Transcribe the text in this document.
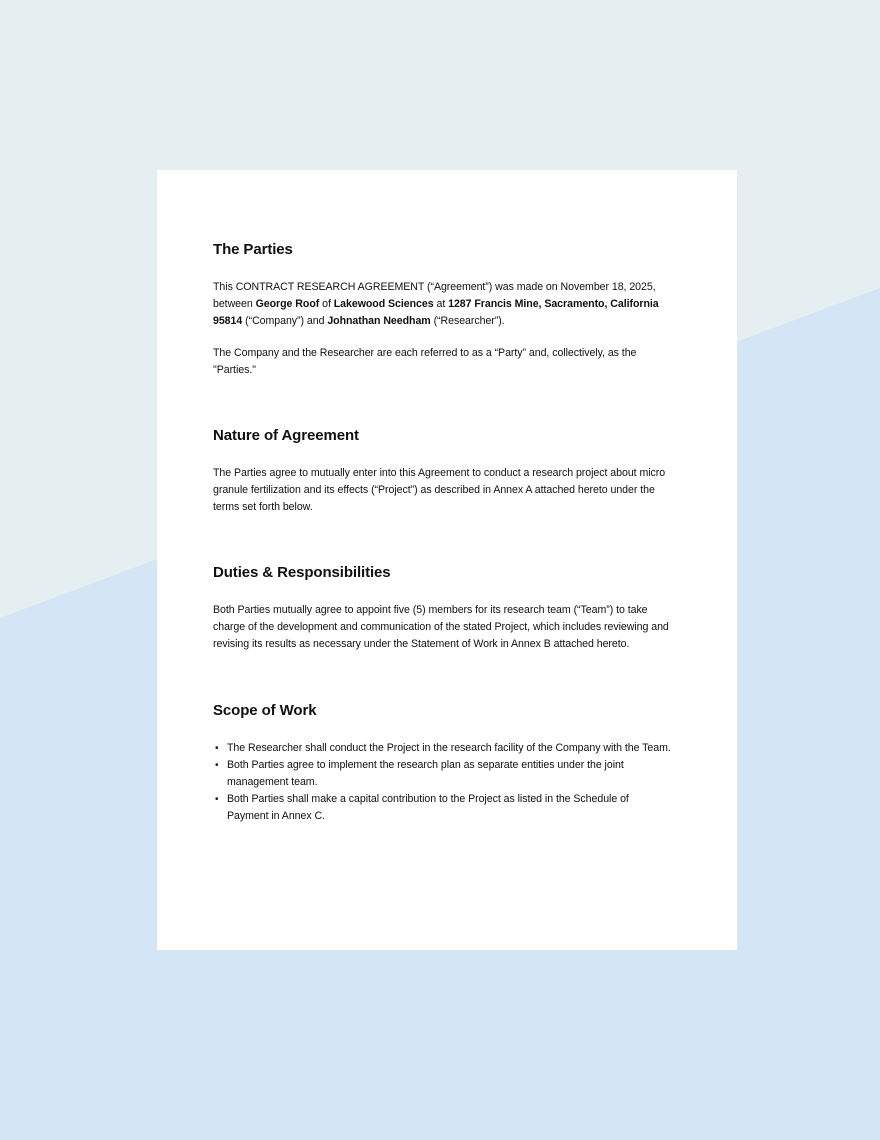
The Parties

This CONTRACT RESEARCH AGREEMENT (“Agreement”) was made on November 18, 2025, between George Roof of Lakewood Sciences at 1287 Francis Mine, Sacramento, California 95814 (“Company”) and Johnathan Needham (“Researcher”).

The Company and the Researcher are each referred to as a “Party” and, collectively, as the "Parties."

Nature of Agreement

The Parties agree to mutually enter into this Agreement to conduct a research project about micro granule fertilization and its effects (“Project”) as described in Annex A attached hereto under the terms set forth below.

Duties & Responsibilities

Both Parties mutually agree to appoint five (5) members for its research team (“Team”) to take charge of the development and communication of the stated Project, which includes reviewing and revising its results as necessary under the Statement of Work in Annex B attached hereto.

Scope of Work
• The Researcher shall conduct the Project in the research facility of the Company with the Team.
• Both Parties agree to implement the research plan as separate entities under the joint management team.
• Both Parties shall make a capital contribution to the Project as listed in the Schedule of Payment in Annex C.
